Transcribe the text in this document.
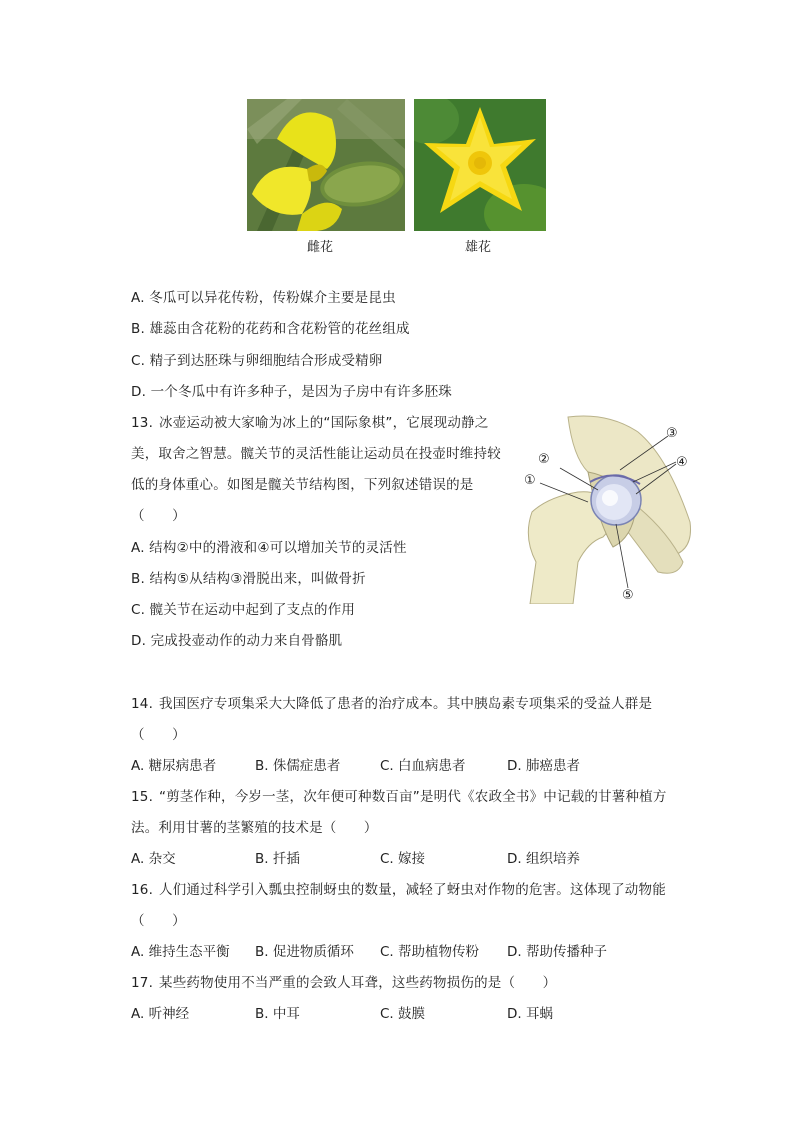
雌花	雄花
A. 冬瓜可以异花传粉，传粉媒介主要是昆虫
B. 雄蕊由含花粉的花药和含花粉管的花丝组成
C. 精子到达胚珠与卵细胞结合形成受精卵
D. 一个冬瓜中有许多种子，是因为子房中有许多胚珠
13. 冰壶运动被大家喻为冰上的“国际象棋”，它展现动静之
美，取舍之智慧。髋关节的灵活性能让运动员在投壶时维持较
低的身体重心。如图是髋关节结构图，下列叙述错误的是
（　　）
A. 结构②中的滑液和④可以增加关节的灵活性
B. 结构⑤从结构③滑脱出来，叫做骨折
C. 髋关节在运动中起到了支点的作用
D. 完成投壶动作的动力来自骨骼肌
①
②
③
④
⑤
14. 我国医疗专项集采大大降低了患者的治疗成本。其中胰岛素专项集采的受益人群是
（　　）
A. 糖尿病患者	B. 侏儒症患者	C. 白血病患者	D. 肺癌患者
15. “剪茎作种，今岁一茎，次年便可种数百亩”是明代《农政全书》中记载的甘薯种植方
法。利用甘薯的茎繁殖的技术是（　　）
A. 杂交	B. 扦插	C. 嫁接	D. 组织培养
16. 人们通过科学引入瓢虫控制蚜虫的数量，减轻了蚜虫对作物的危害。这体现了动物能
（　　）
A. 维持生态平衡 B. 促进物质循环 C. 帮助植物传粉 D. 帮助传播种子
17. 某些药物使用不当严重的会致人耳聋，这些药物损伤的是（　　）
A. 听神经	B. 中耳	C. 鼓膜	D. 耳蜗
